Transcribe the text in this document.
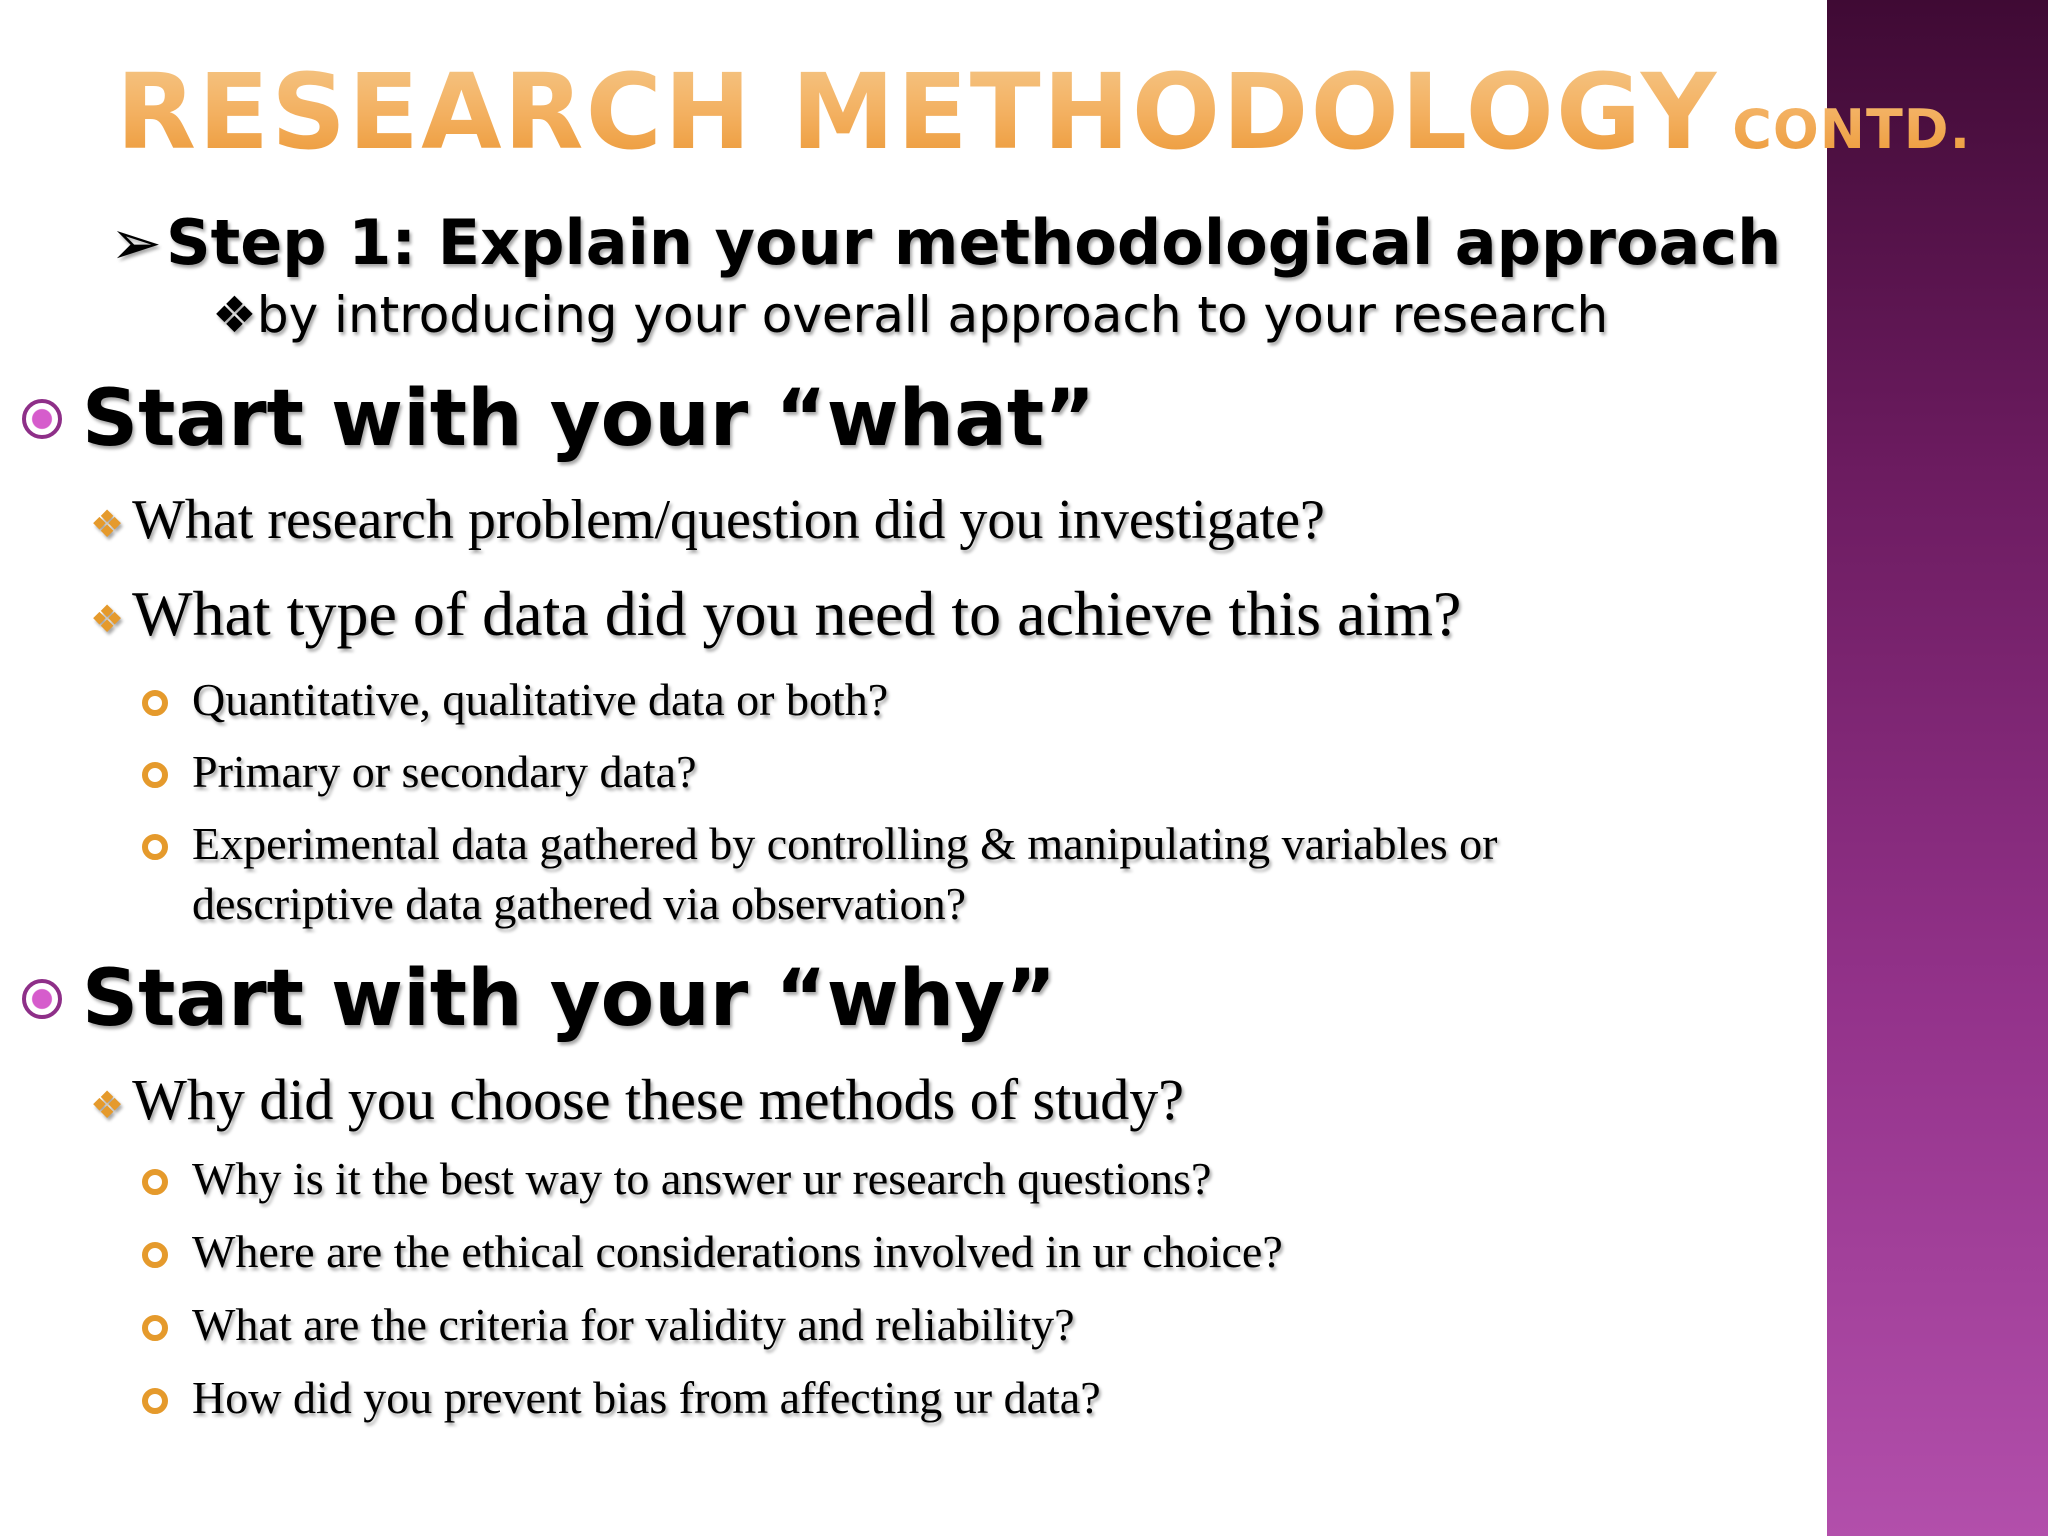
RESEARCH METHODOLOGY CONTD.
➢Step 1: Explain your methodological approach
❖by introducing your overall approach to your research
Start with your “what”
❖ What research problem/question did you investigate?
❖ What type of data did you need to achieve this aim?
Quantitative, qualitative data or both?
Primary or secondary data?
Experimental data gathered by controlling & manipulating variables or
descriptive data gathered via observation?
Start with your “why”
❖ Why did you choose these methods of study?
Why is it the best way to answer ur research questions?
Where are the ethical considerations involved in ur choice?
What are the criteria for validity and reliability?
How did you prevent bias from affecting ur data?
